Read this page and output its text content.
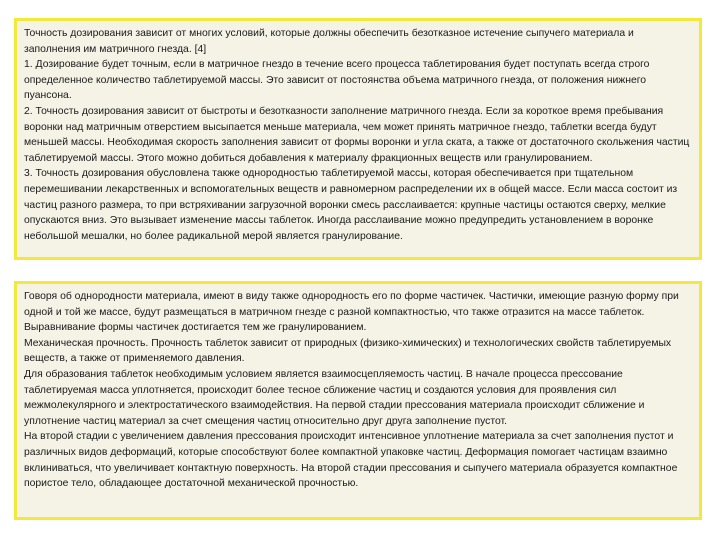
Точность дозирования зависит от многих условий, которые должны обеспечить безотказное истечение сыпучего материала и заполнения им матричного гнезда. [4]

1. Дозирование будет точным, если в матричное гнездо в течение всего процесса таблетирования будет поступать всегда строго определенное количество таблетируемой массы. Это зависит от постоянства объема матричного гнезда, от положения нижнего пуансона.

2. Точность дозирования зависит от быстроты и безотказности заполнение матричного гнезда. Если за короткое время пребывания воронки над матричным отверстием высыпается меньше материала, чем может принять матричное гнездо, таблетки всегда будут меньшей массы. Необходимая скорость заполнения зависит от формы воронки и угла ската, а также от достаточного скольжения частиц таблетируемой массы. Этого можно добиться добавления к материалу фракционных веществ или гранулированием.

3. Точность дозирования обусловлена также однородностью таблетируемой массы, которая обеспечивается при тщательном перемешивании лекарственных и вспомогательных веществ и равномерном распределении их в общей массе. Если масса состоит из частиц разного размера, то при встряхивании загрузочной воронки смесь расслаивается: крупные частицы остаются сверху, мелкие опускаются вниз. Это вызывает изменение массы таблеток. Иногда расслаивание можно предупредить установлением в воронке небольшой мешалки, но более радикальной мерой является гранулирование.

Говоря об однородности материала, имеют в виду также однородность его по форме частичек. Частички, имеющие разную форму при одной и той же массе, будут размещаться в матричном гнезде с разной компактностью, что также отразится на массе таблеток. Выравнивание формы частичек достигается тем же гранулированием.

Механическая прочность. Прочность таблеток зависит от природных (физико-химических) и технологических свойств таблетируемых веществ, а также от применяемого давления.

Для образования таблеток необходимым условием является взаимосцепляемость частиц. В начале процесса прессование таблетируемая масса уплотняется, происходит более тесное сближение частиц и создаются условия для проявления сил межмолекулярного и электростатического взаимодействия. На первой стадии прессования материала происходит сближение и уплотнение частиц материал за счет смещения частиц относительно друг друга заполнение пустот.

На второй стадии с увеличением давления прессования происходит интенсивное уплотнение материала за счет заполнения пустот и различных видов деформаций, которые способствуют более компактной упаковке частиц. Деформация помогает частицам взаимно вклиниваться, что увеличивает контактную поверхность. На второй стадии прессования и сыпучего материала образуется компактное пористое тело, обладающее достаточной механической прочностью.
